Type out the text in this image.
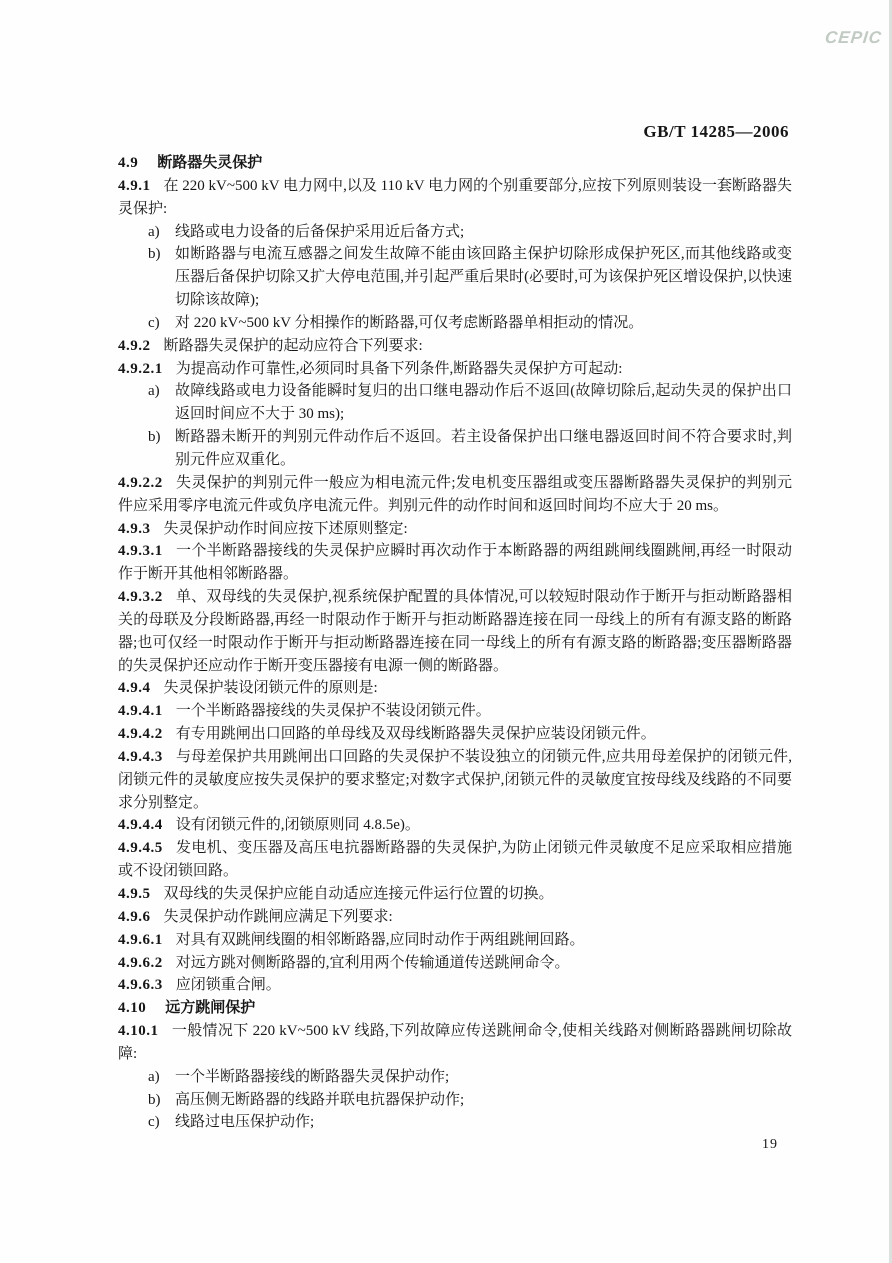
CEPIC
GB/T 14285—2006

4.9 断路器失灵保护

4.9.1 在 220 kV~500 kV 电力网中,以及 110 kV 电力网的个别重要部分,应按下列原则装设一套断路器失灵保护:

a) 线路或电力设备的后备保护采用近后备方式;

b) 如断路器与电流互感器之间发生故障不能由该回路主保护切除形成保护死区,而其他线路或变压器后备保护切除又扩大停电范围,并引起严重后果时(必要时,可为该保护死区增设保护,以快速切除该故障);

c) 对 220 kV~500 kV 分相操作的断路器,可仅考虑断路器单相拒动的情况。

4.9.2 断路器失灵保护的起动应符合下列要求:

4.9.2.1 为提高动作可靠性,必须同时具备下列条件,断路器失灵保护方可起动:

a) 故障线路或电力设备能瞬时复归的出口继电器动作后不返回(故障切除后,起动失灵的保护出口返回时间应不大于 30 ms);

b) 断路器未断开的判别元件动作后不返回。若主设备保护出口继电器返回时间不符合要求时,判别元件应双重化。

4.9.2.2 失灵保护的判别元件一般应为相电流元件;发电机变压器组或变压器断路器失灵保护的判别元件应采用零序电流元件或负序电流元件。判别元件的动作时间和返回时间均不应大于 20 ms。

4.9.3 失灵保护动作时间应按下述原则整定:

4.9.3.1 一个半断路器接线的失灵保护应瞬时再次动作于本断路器的两组跳闸线圈跳闸,再经一时限动作于断开其他相邻断路器。

4.9.3.2 单、双母线的失灵保护,视系统保护配置的具体情况,可以较短时限动作于断开与拒动断路器相关的母联及分段断路器,再经一时限动作于断开与拒动断路器连接在同一母线上的所有有源支路的断路器;也可仅经一时限动作于断开与拒动断路器连接在同一母线上的所有有源支路的断路器;变压器断路器的失灵保护还应动作于断开变压器接有电源一侧的断路器。

4.9.4 失灵保护装设闭锁元件的原则是:

4.9.4.1 一个半断路器接线的失灵保护不装设闭锁元件。

4.9.4.2 有专用跳闸出口回路的单母线及双母线断路器失灵保护应装设闭锁元件。

4.9.4.3 与母差保护共用跳闸出口回路的失灵保护不装设独立的闭锁元件,应共用母差保护的闭锁元件,闭锁元件的灵敏度应按失灵保护的要求整定;对数字式保护,闭锁元件的灵敏度宜按母线及线路的不同要求分别整定。

4.9.4.4 设有闭锁元件的,闭锁原则同 4.8.5e)。

4.9.4.5 发电机、变压器及高压电抗器断路器的失灵保护,为防止闭锁元件灵敏度不足应采取相应措施或不设闭锁回路。

4.9.5 双母线的失灵保护应能自动适应连接元件运行位置的切换。

4.9.6 失灵保护动作跳闸应满足下列要求:

4.9.6.1 对具有双跳闸线圈的相邻断路器,应同时动作于两组跳闸回路。

4.9.6.2 对远方跳对侧断路器的,宜利用两个传输通道传送跳闸命令。

4.9.6.3 应闭锁重合闸。

4.10 远方跳闸保护

4.10.1 一般情况下 220 kV~500 kV 线路,下列故障应传送跳闸命令,使相关线路对侧断路器跳闸切除故障:

a) 一个半断路器接线的断路器失灵保护动作;

b) 高压侧无断路器的线路并联电抗器保护动作;

c) 线路过电压保护动作;

19
